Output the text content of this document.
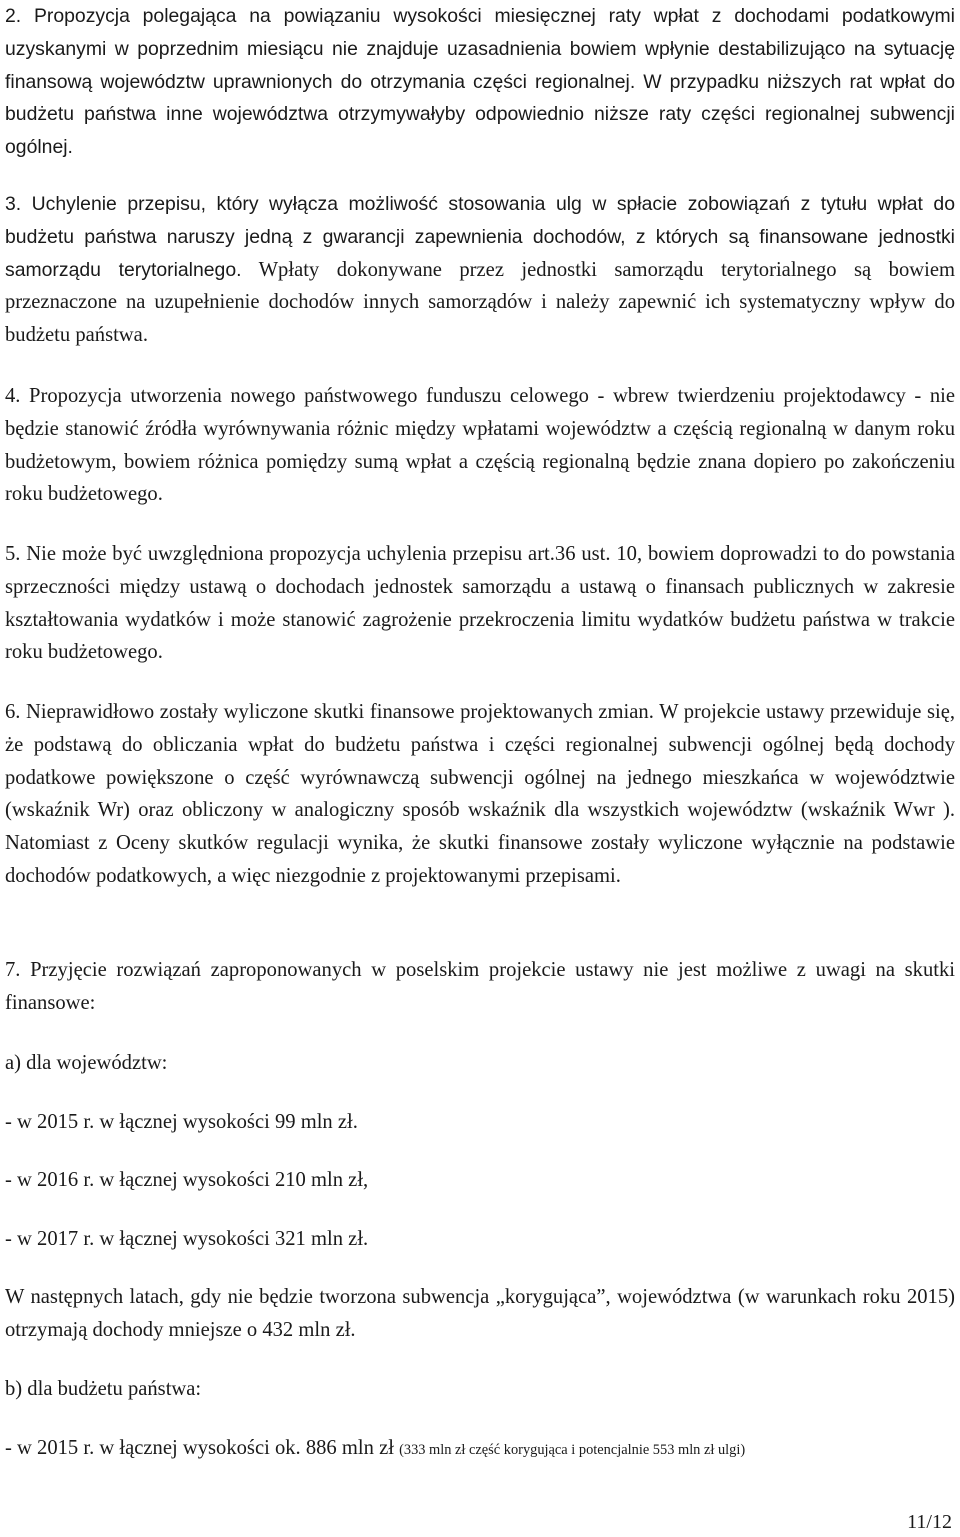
2. Propozycja polegająca na powiązaniu wysokości miesięcznej raty wpłat z dochodami podatkowymi uzyskanymi w poprzednim miesiącu nie znajduje uzasadnienia bowiem wpłynie destabilizująco na sytuację finansową województw uprawnionych do otrzymania części regionalnej. W przypadku niższych rat wpłat do budżetu państwa inne województwa otrzymywałyby odpowiednio niższe raty części regionalnej subwencji ogólnej.

3. Uchylenie przepisu, który wyłącza możliwość stosowania ulg w spłacie zobowiązań z tytułu wpłat do budżetu państwa naruszy jedną z gwarancji zapewnienia dochodów, z których są finansowane jednostki samorządu terytorialnego. Wpłaty dokonywane przez jednostki samorządu terytorialnego są bowiem przeznaczone na uzupełnienie dochodów innych samorządów i należy zapewnić ich systematyczny wpływ do budżetu państwa.

4. Propozycja utworzenia nowego państwowego funduszu celowego - wbrew twierdzeniu projektodawcy - nie będzie stanowić źródła wyrównywania różnic między wpłatami województw a częścią regionalną w danym roku budżetowym, bowiem różnica pomiędzy sumą wpłat a częścią regionalną będzie znana dopiero po zakończeniu roku budżetowego.

5. Nie może być uwzględniona propozycja uchylenia przepisu art.36 ust. 10, bowiem doprowadzi to do powstania sprzeczności między ustawą o dochodach jednostek samorządu a ustawą o finansach publicznych w zakresie kształtowania wydatków i może stanowić zagrożenie przekroczenia limitu wydatków budżetu państwa w trakcie roku budżetowego.

6. Nieprawidłowo zostały wyliczone skutki finansowe projektowanych zmian. W projekcie ustawy przewiduje się, że podstawą do obliczania wpłat do budżetu państwa i części regionalnej subwencji ogólnej będą dochody podatkowe powiększone o część wyrównawczą subwencji ogólnej na jednego mieszkańca w województwie (wskaźnik Wr) oraz obliczony w analogiczny sposób wskaźnik dla wszystkich województw (wskaźnik Wwr ). Natomiast z Oceny skutków regulacji wynika, że skutki finansowe zostały wyliczone wyłącznie na podstawie dochodów podatkowych, a więc niezgodnie z projektowanymi przepisami.

7. Przyjęcie rozwiązań zaproponowanych w poselskim projekcie ustawy nie jest możliwe z uwagi na skutki finansowe:

a) dla województw:

- w 2015 r. w łącznej wysokości 99 mln zł.

- w 2016 r. w łącznej wysokości 210 mln zł,

- w 2017 r. w łącznej wysokości 321 mln zł.

W następnych latach, gdy nie będzie tworzona subwencja „korygująca”, województwa (w warunkach roku 2015) otrzymają dochody mniejsze o 432 mln zł.

b) dla budżetu państwa:

- w 2015 r. w łącznej wysokości ok. 886 mln zł (333 mln zł część korygująca i potencjalnie 553 mln zł ulgi)

11/12
